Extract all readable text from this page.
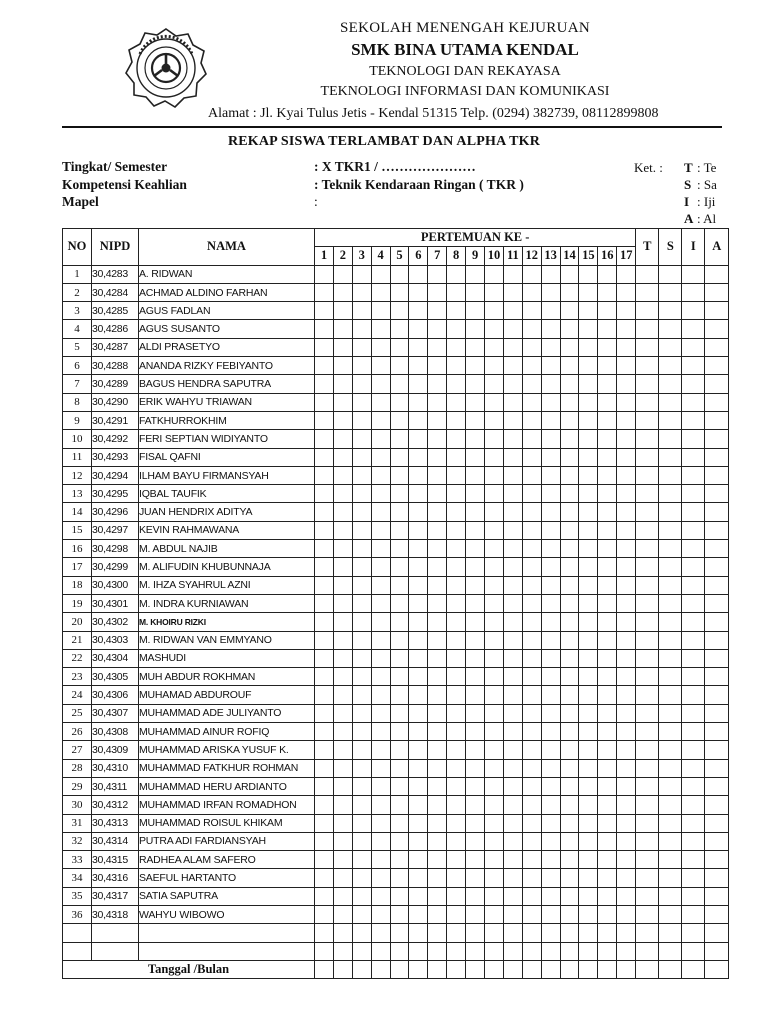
SEKOLAH MENENGAH KEJURUAN
SMK BINA UTAMA KENDAL
TEKNOLOGI DAN REKAYASA
TEKNOLOGI INFORMASI DAN KOMUNIKASI
Alamat : Jl. Kyai Tulus Jetis - Kendal 51315 Telp. (0294) 382739, 08112899808
REKAP SISWA TERLAMBAT DAN ALPHA TKR
Tingkat/ Semester	: X TKR1 / …………………
Kompetensi Keahlian	: Teknik Kendaraan Ringan ( TKR )
Mapel	:
Ket. : T : Te
S : Sa
I : Iji
A : Al
NO	NIPD	NAMA	PERTEMUAN KE -																	T	S	I	A
			1	2	3	4	5	6	7	8	9	10	11	12	13	14	15	16	17				
1	30,4283	A. RIDWAN																					
2	30,4284	ACHMAD ALDINO FARHAN																					
3	30,4285	AGUS FADLAN																					
4	30,4286	AGUS SUSANTO																					
5	30,4287	ALDI PRASETYO																					
6	30,4288	ANANDA RIZKY FEBIYANTO																					
7	30,4289	BAGUS HENDRA SAPUTRA																					
8	30,4290	ERIK WAHYU TRIAWAN																					
9	30,4291	FATKHURROKHIM																					
10	30,4292	FERI SEPTIAN WIDIYANTO																					
11	30,4293	FISAL QAFNI																					
12	30,4294	ILHAM BAYU FIRMANSYAH																					
13	30,4295	IQBAL TAUFIK																					
14	30,4296	JUAN HENDRIX ADITYA																					
15	30,4297	KEVIN RAHMAWANA																					
16	30,4298	M. ABDUL NAJIB																					
17	30,4299	M. ALIFUDIN KHUBUNNAJA																					
18	30,4300	M. IHZA SYAHRUL AZNI																					
19	30,4301	M. INDRA KURNIAWAN																					
20	30,4302	M. KHOIRU RIZKI																					
21	30,4303	M. RIDWAN VAN EMMYANO																					
22	30,4304	MASHUDI																					
23	30,4305	MUH ABDUR ROKHMAN																					
24	30,4306	MUHAMAD ABDUROUF																					
25	30,4307	MUHAMMAD ADE JULIYANTO																					
26	30,4308	MUHAMMAD AINUR ROFIQ																					
27	30,4309	MUHAMMAD ARISKA YUSUF K.																					
28	30,4310	MUHAMMAD FATKHUR ROHMAN																					
29	30,4311	MUHAMMAD HERU ARDIANTO																					
30	30,4312	MUHAMMAD IRFAN ROMADHON																					
31	30,4313	MUHAMMAD ROISUL KHIKAM																					
32	30,4314	PUTRA ADI FARDIANSYAH																					
33	30,4315	RADHEA ALAM SAFERO																					
34	30,4316	SAEFUL HARTANTO																					
35	30,4317	SATIA SAPUTRA																					
36	30,4318	WAHYU WIBOWO																					

Tanggal /Bulan																							
